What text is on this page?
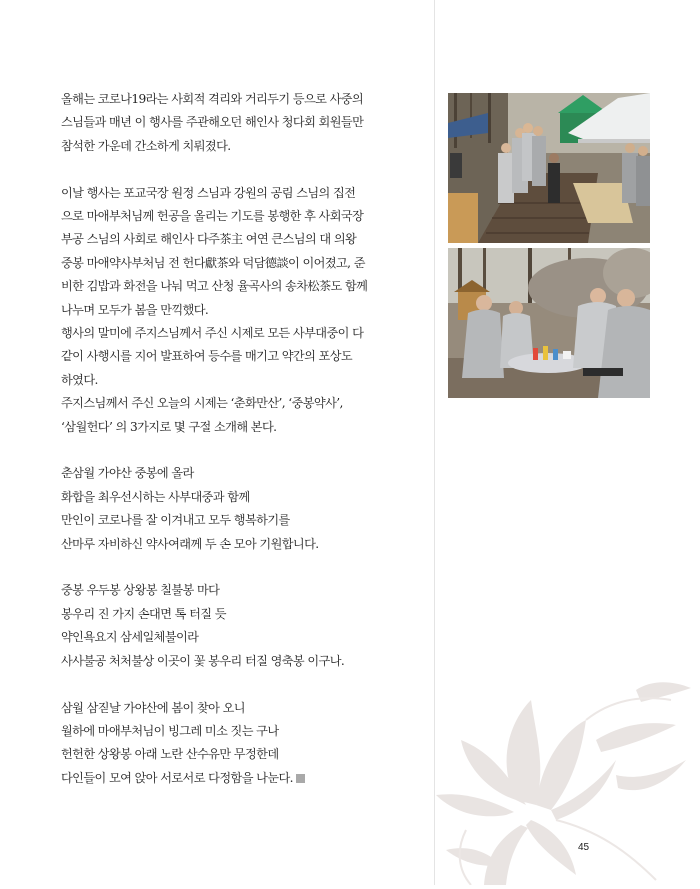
올해는 코로나19라는 사회적 격리와 거리두기 등으로 사중의
스님들과 매년 이 행사를 주관해오던 해인사 청다회 회원들만
참석한 가운데 간소하게 치뤄졌다.
이날 행사는 포교국장 원정 스님과 강원의 공림 스님의 집전
으로 마애부처님께 헌공을 올리는 기도를 봉행한 후 사회국장
부공 스님의 사회로 해인사 다주茶主 여연 큰스님의 대 의왕
중봉 마애약사부처님 전 헌다獻茶와 덕담德談이 이어졌고, 준
비한 김밥과 화전을 나눠 먹고 산청 율곡사의 송차松茶도 함께
나누며 모두가 봄을 만끽했다.
행사의 말미에 주지스님께서 주신 시제로 모든 사부대중이 다
같이 사행시를 지어 발표하여 등수를 매기고 약간의 포상도
하였다.
주지스님께서 주신 오늘의 시제는 ‘춘화만산’, ‘중봉약사’,
‘삼월헌다’ 의 3가지로 몇 구절 소개해 본다.
춘삼월 가야산 중봉에 올라
화합을 최우선시하는 사부대중과 함께
만인이 코로나를 잘 이겨내고 모두 행복하기를
산마루 자비하신 약사여래께 두 손 모아 기원합니다.
중봉 우두봉 상왕봉 칠불봉 마다
봉우리 진 가지 손대면 톡 터질 듯
약인욕요지 삼세일체불이라
사사불공 처처불상 이곳이 꽃 봉우리 터질 영축봉 이구나.
삼월 삼짇날 가야산에 봄이 찾아 오니
월하에 마애부처님이 빙그레 미소 짓는 구나
헌헌한 상왕봉 아래 노란 산수유만 무정한데
다인들이 모여 앉아 서로서로 다정함을 나눈다.
45
